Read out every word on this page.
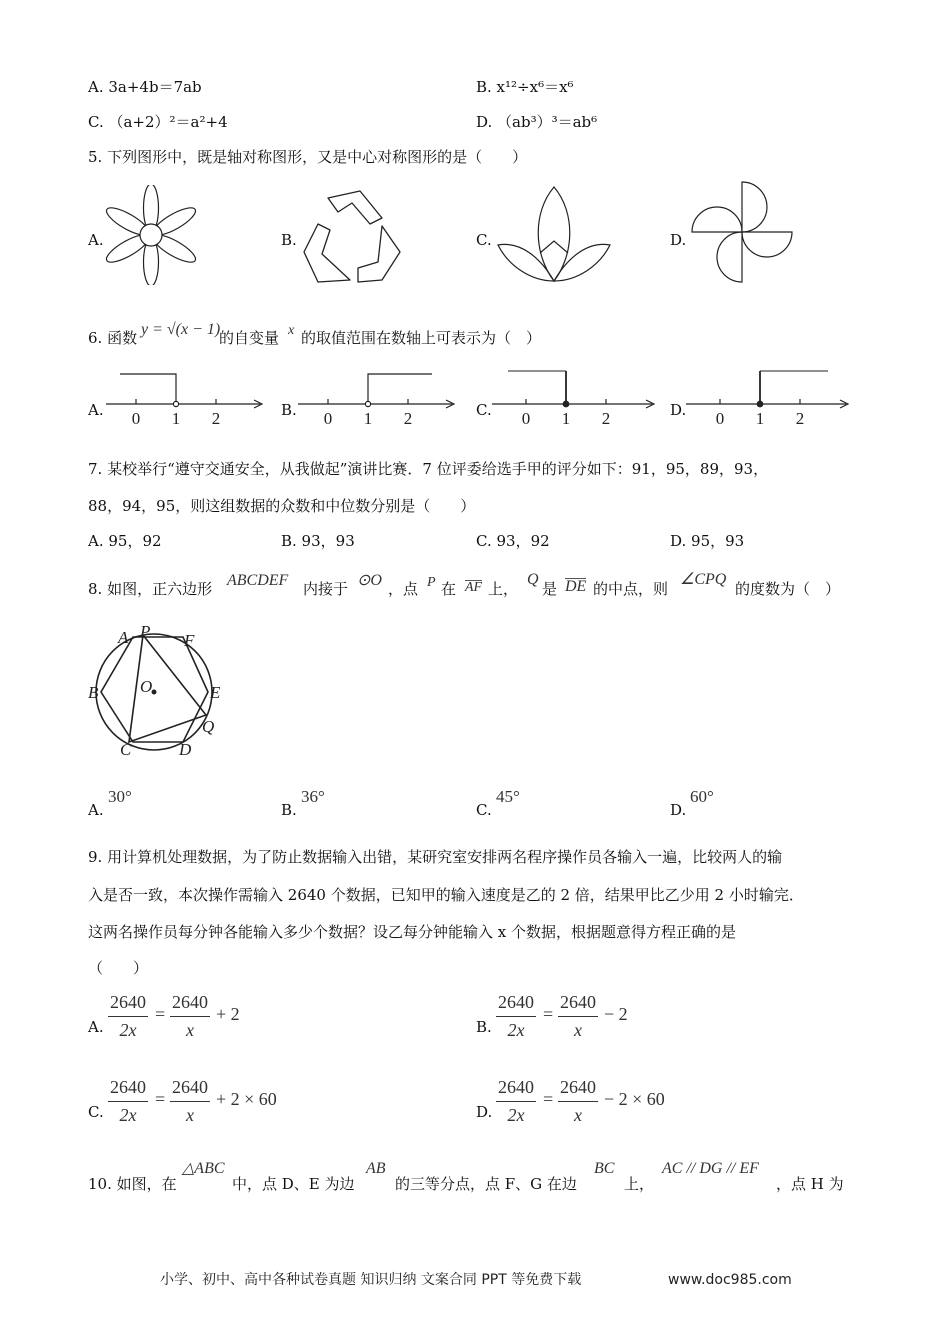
A. 3a+4b＝7ab	B. x¹²÷x⁶＝x⁶
C. （a+2）²＝a²+4	D. （ab³）³＝ab⁶
5. 下列图形中，既是轴对称图形，又是中心对称图形的是（　　）
A.	B.	C.	D.
6. 函数 y = √(x − 1)
的自变量 x 的取值范围在数轴上可表示为（　）
A. 0 1 2	B. 0 1 2	C. 0 1 2	D. 0 1 2
7. 某校举行“遵守交通安全，从我做起”演讲比赛．7 位评委给选手甲的评分如下：91，95，89，93，
88，94，95，则这组数据的众数和中位数分别是（　　）
A. 95，92	B. 93，93	C. 93，92	D. 95，93
8. 如图，正六边形 ABCDEF 内接于 ⊙O ，点 P 在 AF 上，
Q
是 DE 的中点，则
∠CPQ
的度数为（　）
A P F
B O	E
Q
C	D
A.
30°
B.
36°
C.
45°
D.
60°
9. 用计算机处理数据，为了防止数据输入出错，某研究室安排两名程序操作员各输入一遍，比较两人的输
入是否一致，本次操作需输入 2640 个数据，已知甲的输入速度是乙的 2 倍，结果甲比乙少用 2 小时输完．
这两名操作员每分钟各能输入多少个数据？设乙每分钟能输入 x 个数据，根据题意得方程正确的是
（　　）
A. $\frac{2640}{2x} = \frac{2640}{x} + 2$
B. $\frac{2640}{2x} = \frac{2640}{x} - 2$
C. $\frac{2640}{2x} = \frac{2640}{x} + 2 \times 60$
D. $\frac{2640}{2x} = \frac{2640}{x} - 2 \times 60$
10. 如图，在
△ABC
中，点 D、E 为边
AB
的三等分点，点 F、G 在边
BC
上，
AC // DG // EF
，点 H 为
小学、初中、高中各种试卷真题 知识归纳 文案合同 PPT 等免费下载	www.doc985.com
